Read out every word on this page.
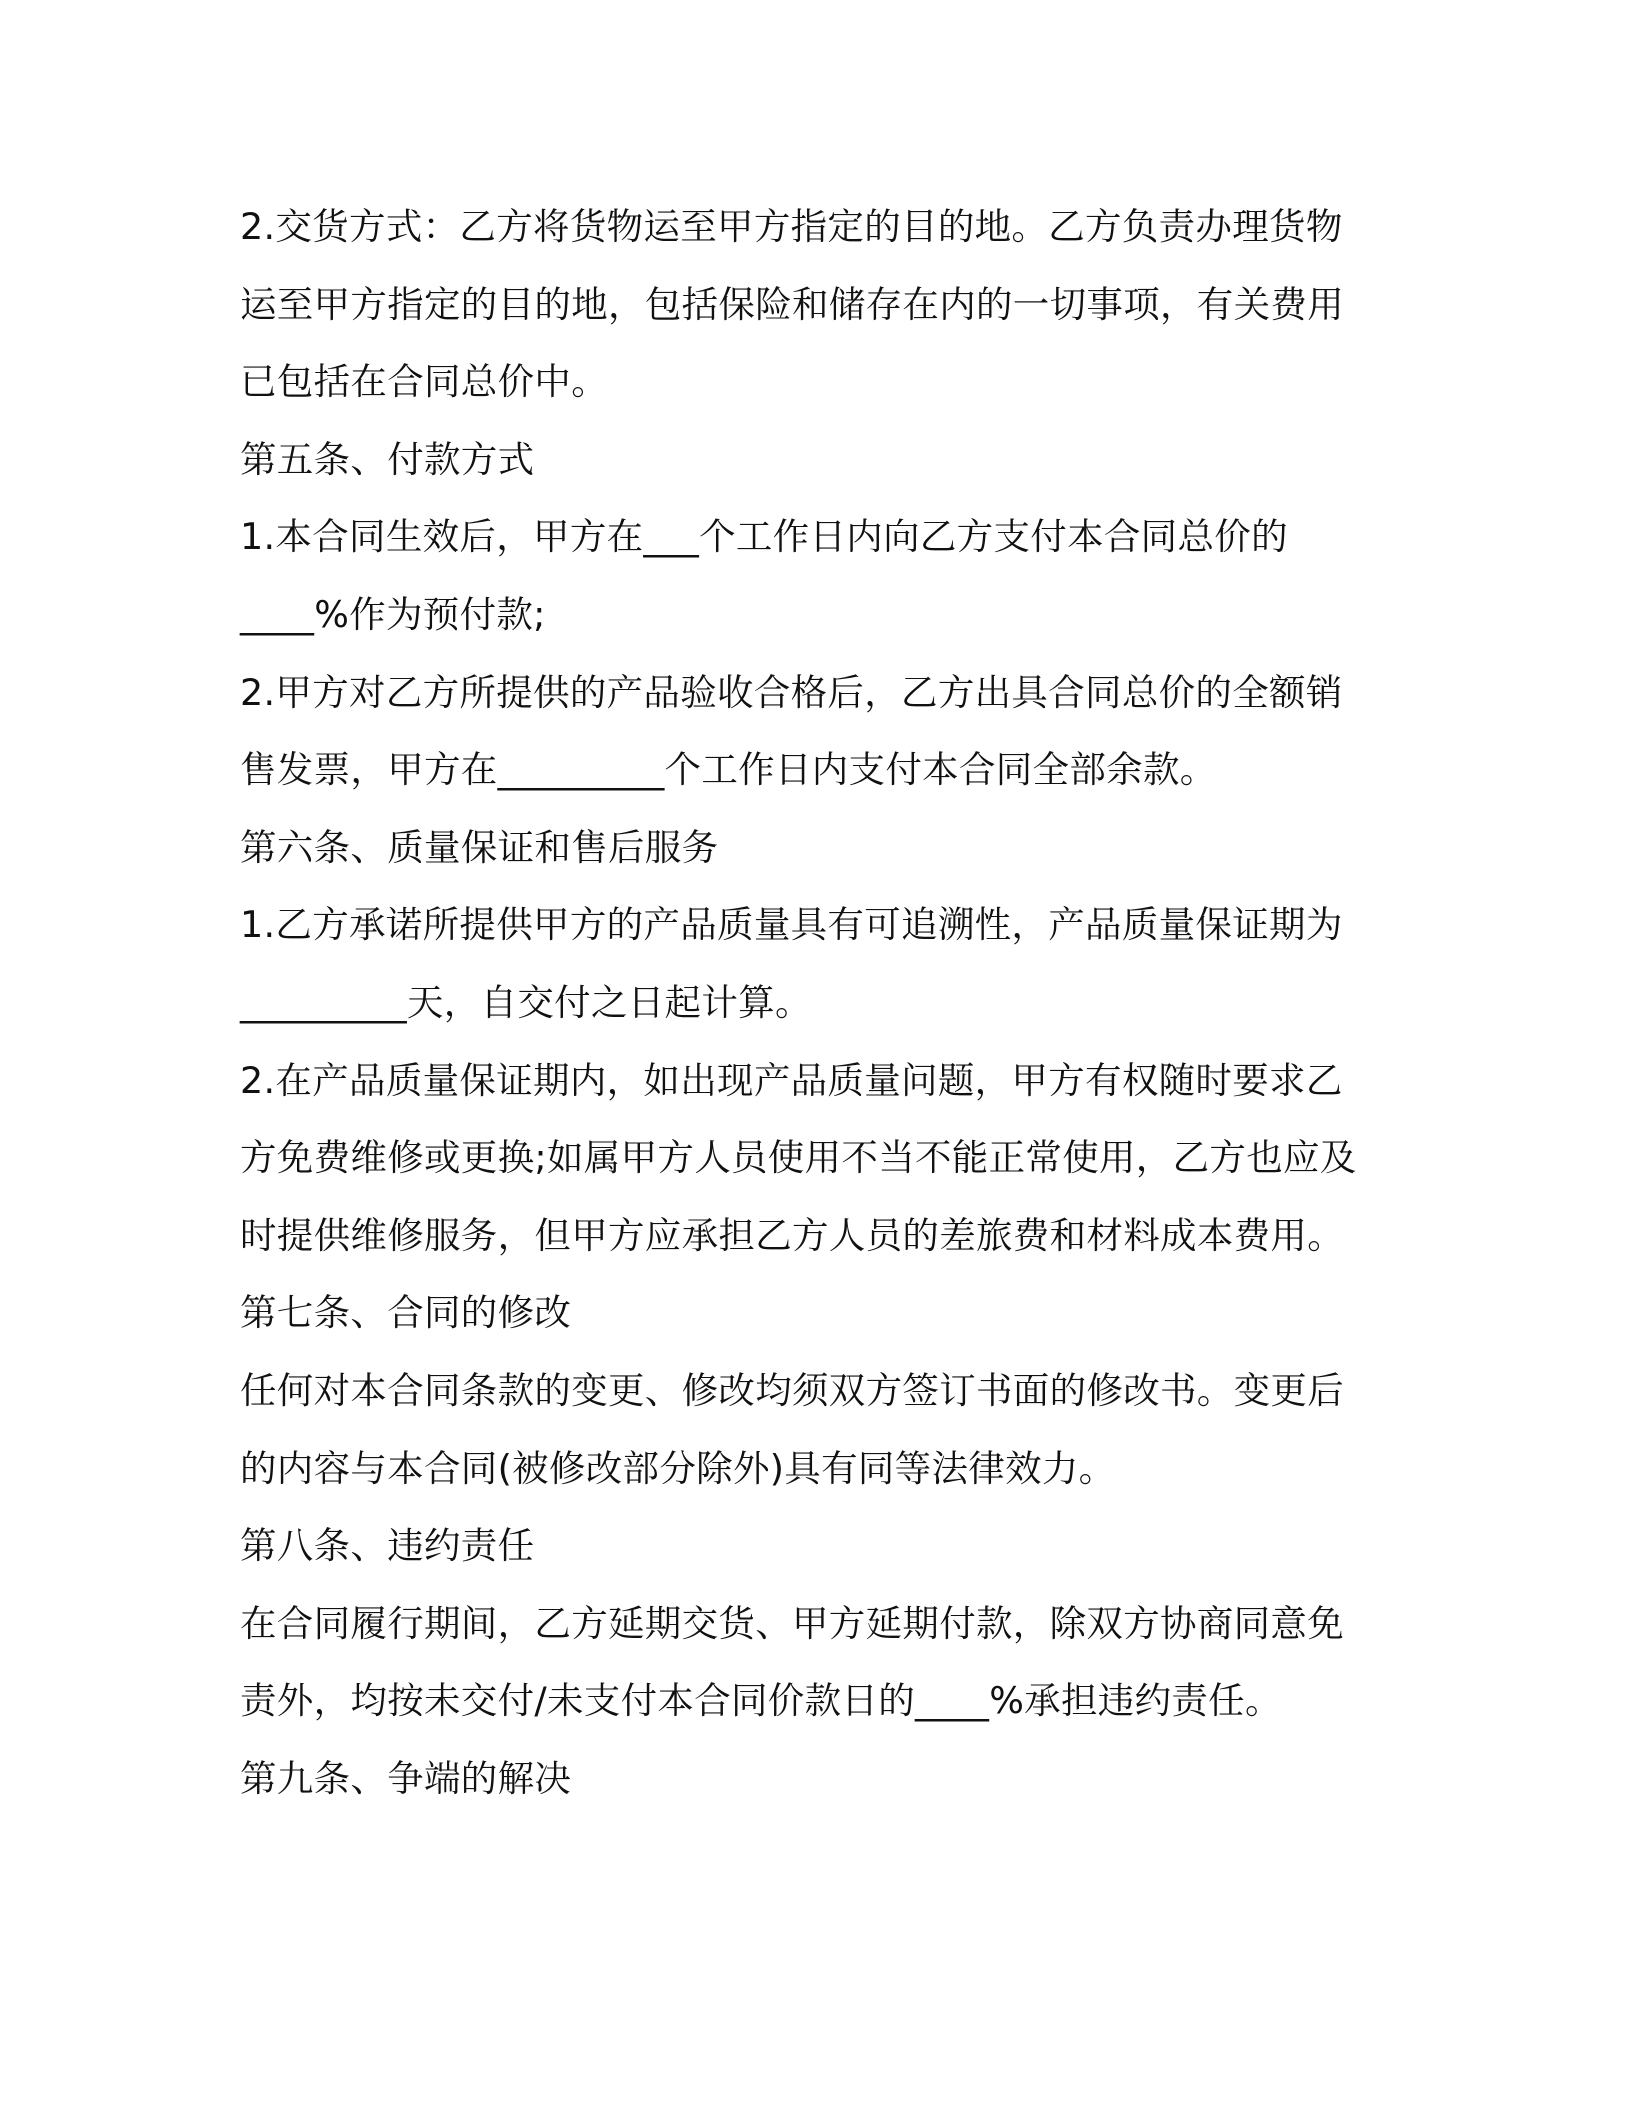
2.交货方式：乙方将货物运至甲方指定的目的地。乙方负责办理货物

运至甲方指定的目的地，包括保险和储存在内的一切事项，有关费用

已包括在合同总价中。

第五条、付款方式

1.本合同生效后，甲方在___个工作日内向乙方支付本合同总价的

____%作为预付款;

2.甲方对乙方所提供的产品验收合格后，乙方出具合同总价的全额销

售发票，甲方在_________个工作日内支付本合同全部余款。

第六条、质量保证和售后服务

1.乙方承诺所提供甲方的产品质量具有可追溯性，产品质量保证期为

_________天，自交付之日起计算。

2.在产品质量保证期内，如出现产品质量问题，甲方有权随时要求乙

方免费维修或更换;如属甲方人员使用不当不能正常使用，乙方也应及

时提供维修服务，但甲方应承担乙方人员的差旅费和材料成本费用。

第七条、合同的修改

任何对本合同条款的变更、修改均须双方签订书面的修改书。变更后

的内容与本合同(被修改部分除外)具有同等法律效力。

第八条、违约责任

在合同履行期间，乙方延期交货、甲方延期付款，除双方协商同意免

责外，均按未交付/未支付本合同价款日的____%承担违约责任。

第九条、争端的解决
